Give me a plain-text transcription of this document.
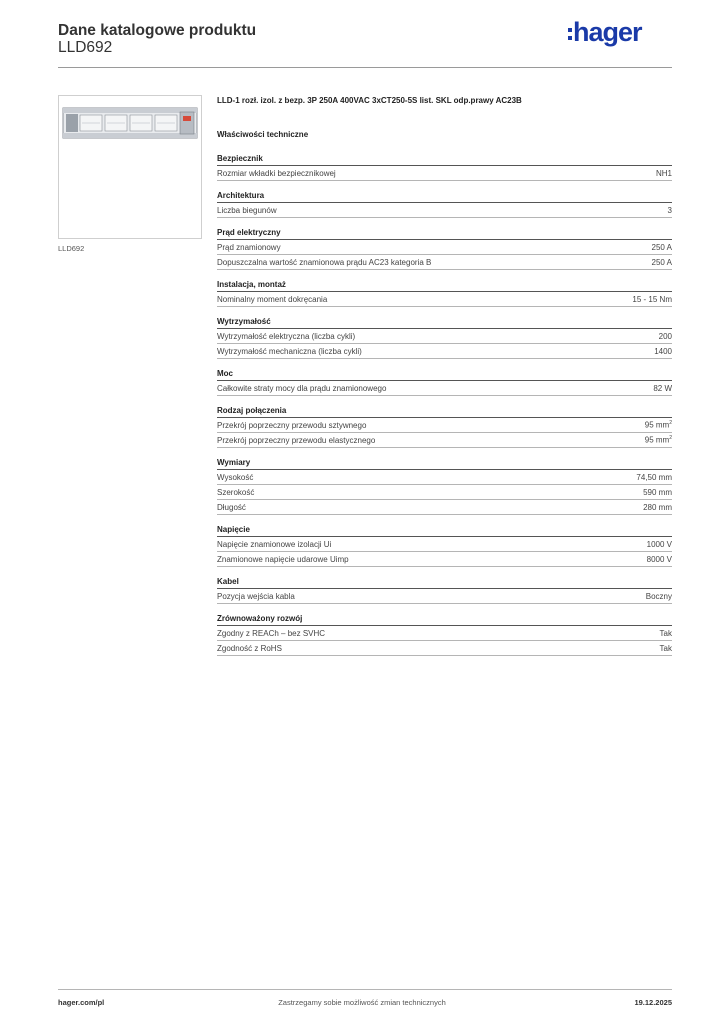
Dane katalogowe produktu
LLD692
hager
LLD692
LLD-1 rozł. izol. z bezp. 3P 250A 400VAC 3xCT250-5S list. SKL odp.prawy AC23B
Właściwości techniczne
Bezpiecznik
Rozmiar wkładki bezpiecznikowej	NH1
Architektura
Liczba biegunów	3
Prąd elektryczny
Prąd znamionowy	250 A
Dopuszczalna wartość znamionowa prądu AC23 kategoria B	250 A
Instalacja, montaż
Nominalny moment dokręcania	15 - 15 Nm
Wytrzymałość
Wytrzymałość elektryczna (liczba cykli)	200
Wytrzymałość mechaniczna (liczba cykli)	1400
Moc
Całkowite straty mocy dla prądu znamionowego	82 W
Rodzaj połączenia
Przekrój poprzeczny przewodu sztywnego	95 $mm^2$
Przekrój poprzeczny przewodu elastycznego	95 $mm^2$
Wymiary
Wysokość	74,50 mm
Szerokość	590 mm
Długość	280 mm
Napięcie
Napięcie znamionowe izolacji Ui	1000 V
Znamionowe napięcie udarowe Uimp	8000 V
Kabel
Pozycja wejścia kabla	Boczny
Zrównoważony rozwój
Zgodny z REACh – bez SVHC	Tak
Zgodność z RoHS	Tak
hager.com/pl	Zastrzegamy sobie możliwość zmian technicznych	19.12.2025
